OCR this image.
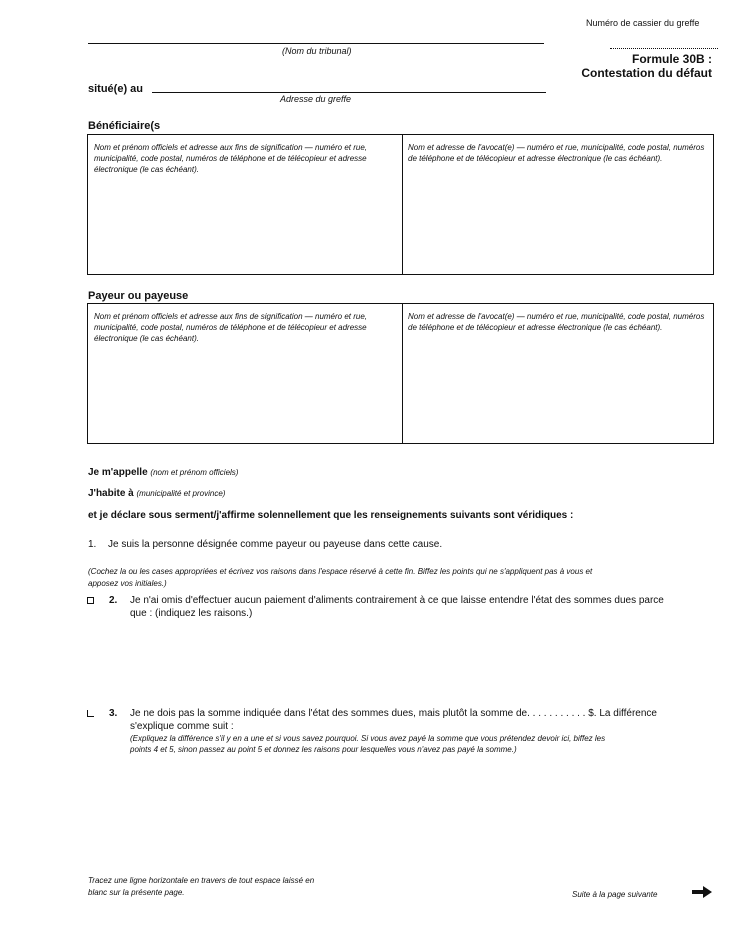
Numéro de cassier du greffe
(Nom du tribunal)
Formule 30B :
Contestation du défaut
situé(e) au
Adresse du greffe
Bénéficiaire(s
Nom et prénom officiels et adresse aux fins de signification — numéro et rue, municipalité, code postal, numéros de téléphone et de télécopieur et adresse électronique (le cas échéant).
Nom et adresse de l'avocat(e) — numéro et rue, municipalité, code postal, numéros de téléphone et de télécopieur et adresse électronique (le cas échéant).
Payeur ou payeuse
Nom et prénom officiels et adresse aux fins de signification — numéro et rue, municipalité, code postal, numéros de téléphone et de télécopieur et adresse électronique (le cas échéant).
Nom et adresse de l'avocat(e) — numéro et rue, municipalité, code postal, numéros de téléphone et de télécopieur et adresse électronique (le cas échéant).
Je m'appelle (nom et prénom officiels)
J'habite à (municipalité et province)
et je déclare sous serment/j'affirme solennellement que les renseignements suivants sont véridiques :
1. Je suis la personne désignée comme payeur ou payeuse dans cette cause.
(Cochez la ou les cases appropriées et écrivez vos raisons dans l'espace réservé à cette fin. Biffez les points qui ne s'appliquent pas à vous et
apposez vos initiales.)
2. Je n'ai omis d'effectuer aucun paiement d'aliments contrairement à ce que laisse entendre l'état des sommes dues parce
que : (indiquez les raisons.)
3. Je ne dois pas la somme indiquée dans l'état des sommes dues, mais plutôt la somme de. . . . . . . . . . . $. La différence
s'explique comme suit :
(Expliquez la différence s'il y en a une et si vous savez pourquoi. Si vous avez payé la somme que vous prétendez devoir ici, biffez les
points 4 et 5, sinon passez au point 5 et donnez les raisons pour lesquelles vous n'avez pas payé la somme.)
Tracez une ligne horizontale en travers de tout espace laissé en
blanc sur la présente page.	Suite à la page suivante
